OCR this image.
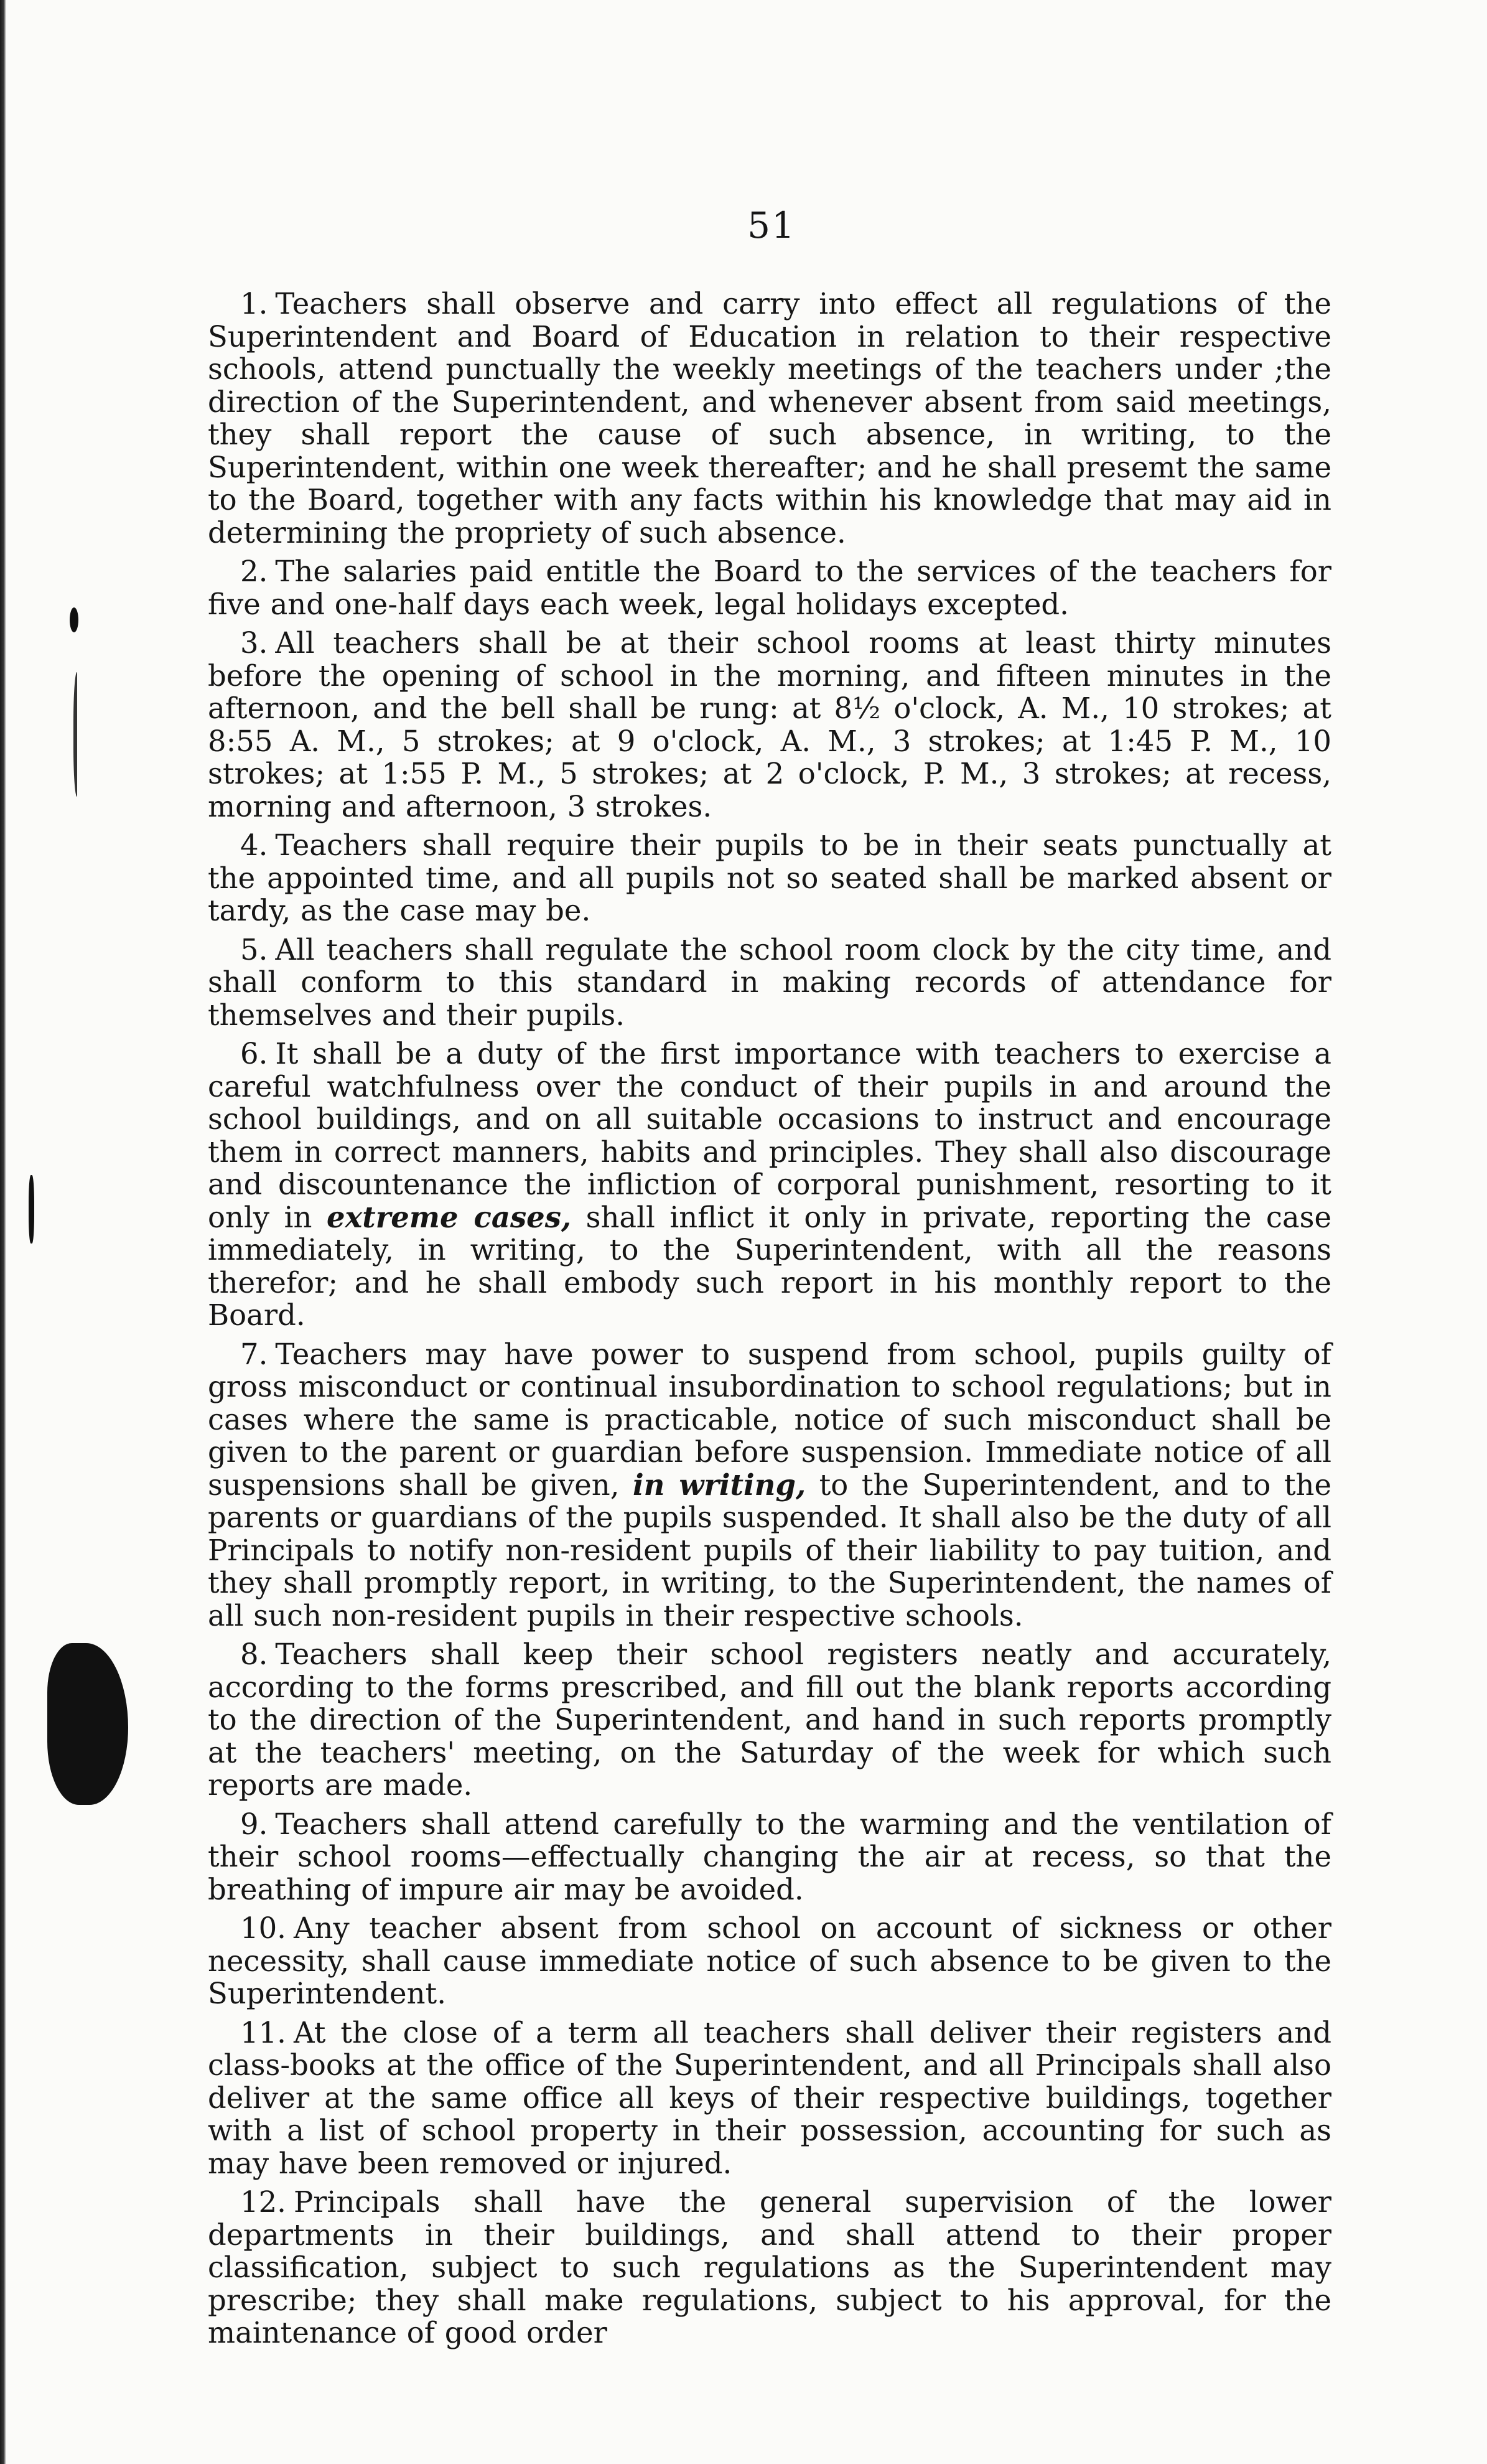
51

1. Teachers shall observe and carry into effect all regulations of the Superintendent and Board of Education in relation to their respective schools, attend punctually the weekly meetings of the teachers under ;the direction of the Superintendent, and whenever absent from said meetings, they shall report the cause of such absence, in writing, to the Superintendent, within one week thereafter; and he shall presemt the same to the Board, together with any facts within his knowledge that may aid in determining the propriety of such absence.

2. The salaries paid entitle the Board to the services of the teachers for five and one-half days each week, legal holidays excepted.

3. All teachers shall be at their school rooms at least thirty minutes before the opening of school in the morning, and fifteen minutes in the afternoon, and the bell shall be rung: at 8½ o'clock, A. M., 10 strokes; at 8:55 A. M., 5 strokes; at 9 o'clock, A. M., 3 strokes; at 1:45 P. M., 10 strokes; at 1:55 P. M., 5 strokes; at 2 o'clock, P. M., 3 strokes; at recess, morning and afternoon, 3 strokes.

4. Teachers shall require their pupils to be in their seats punctually at the appointed time, and all pupils not so seated shall be marked absent or tardy, as the case may be.

5. All teachers shall regulate the school room clock by the city time, and shall conform to this standard in making records of attendance for themselves and their pupils.

6. It shall be a duty of the first importance with teachers to exercise a careful watchfulness over the conduct of their pupils in and around the school buildings, and on all suitable occasions to instruct and encourage them in correct manners, habits and principles. They shall also discourage and discountenance the infliction of corporal punishment, resorting to it only in extreme cases, shall inflict it only in private, reporting the case immediately, in writing, to the Superintendent, with all the reasons therefor; and he shall embody such report in his monthly report to the Board.

7. Teachers may have power to suspend from school, pupils guilty of gross misconduct or continual insubordination to school regulations; but in cases where the same is practicable, notice of such misconduct shall be given to the parent or guardian before suspension. Immediate notice of all suspensions shall be given, in writing, to the Superintendent, and to the parents or guardians of the pupils suspended. It shall also be the duty of all Principals to notify non-resident pupils of their liability to pay tuition, and they shall promptly report, in writing, to the Superintendent, the names of all such non-resident pupils in their respective schools.

8. Teachers shall keep their school registers neatly and accurately, according to the forms prescribed, and fill out the blank reports according to the direction of the Superintendent, and hand in such reports promptly at the teachers' meeting, on the Saturday of the week for which such reports are made.

9. Teachers shall attend carefully to the warming and the ventilation of their school rooms—effectually changing the air at recess, so that the breathing of impure air may be avoided.

10. Any teacher absent from school on account of sickness or other necessity, shall cause immediate notice of such absence to be given to the Superintendent.

11. At the close of a term all teachers shall deliver their registers and class-books at the office of the Superintendent, and all Principals shall also deliver at the same office all keys of their respective buildings, together with a list of school property in their possession, accounting for such as may have been removed or injured.

12. Principals shall have the general supervision of the lower departments in their buildings, and shall attend to their proper classification, subject to such regulations as the Superintendent may prescribe; they shall make regulations, subject to his approval, for the maintenance of good order
